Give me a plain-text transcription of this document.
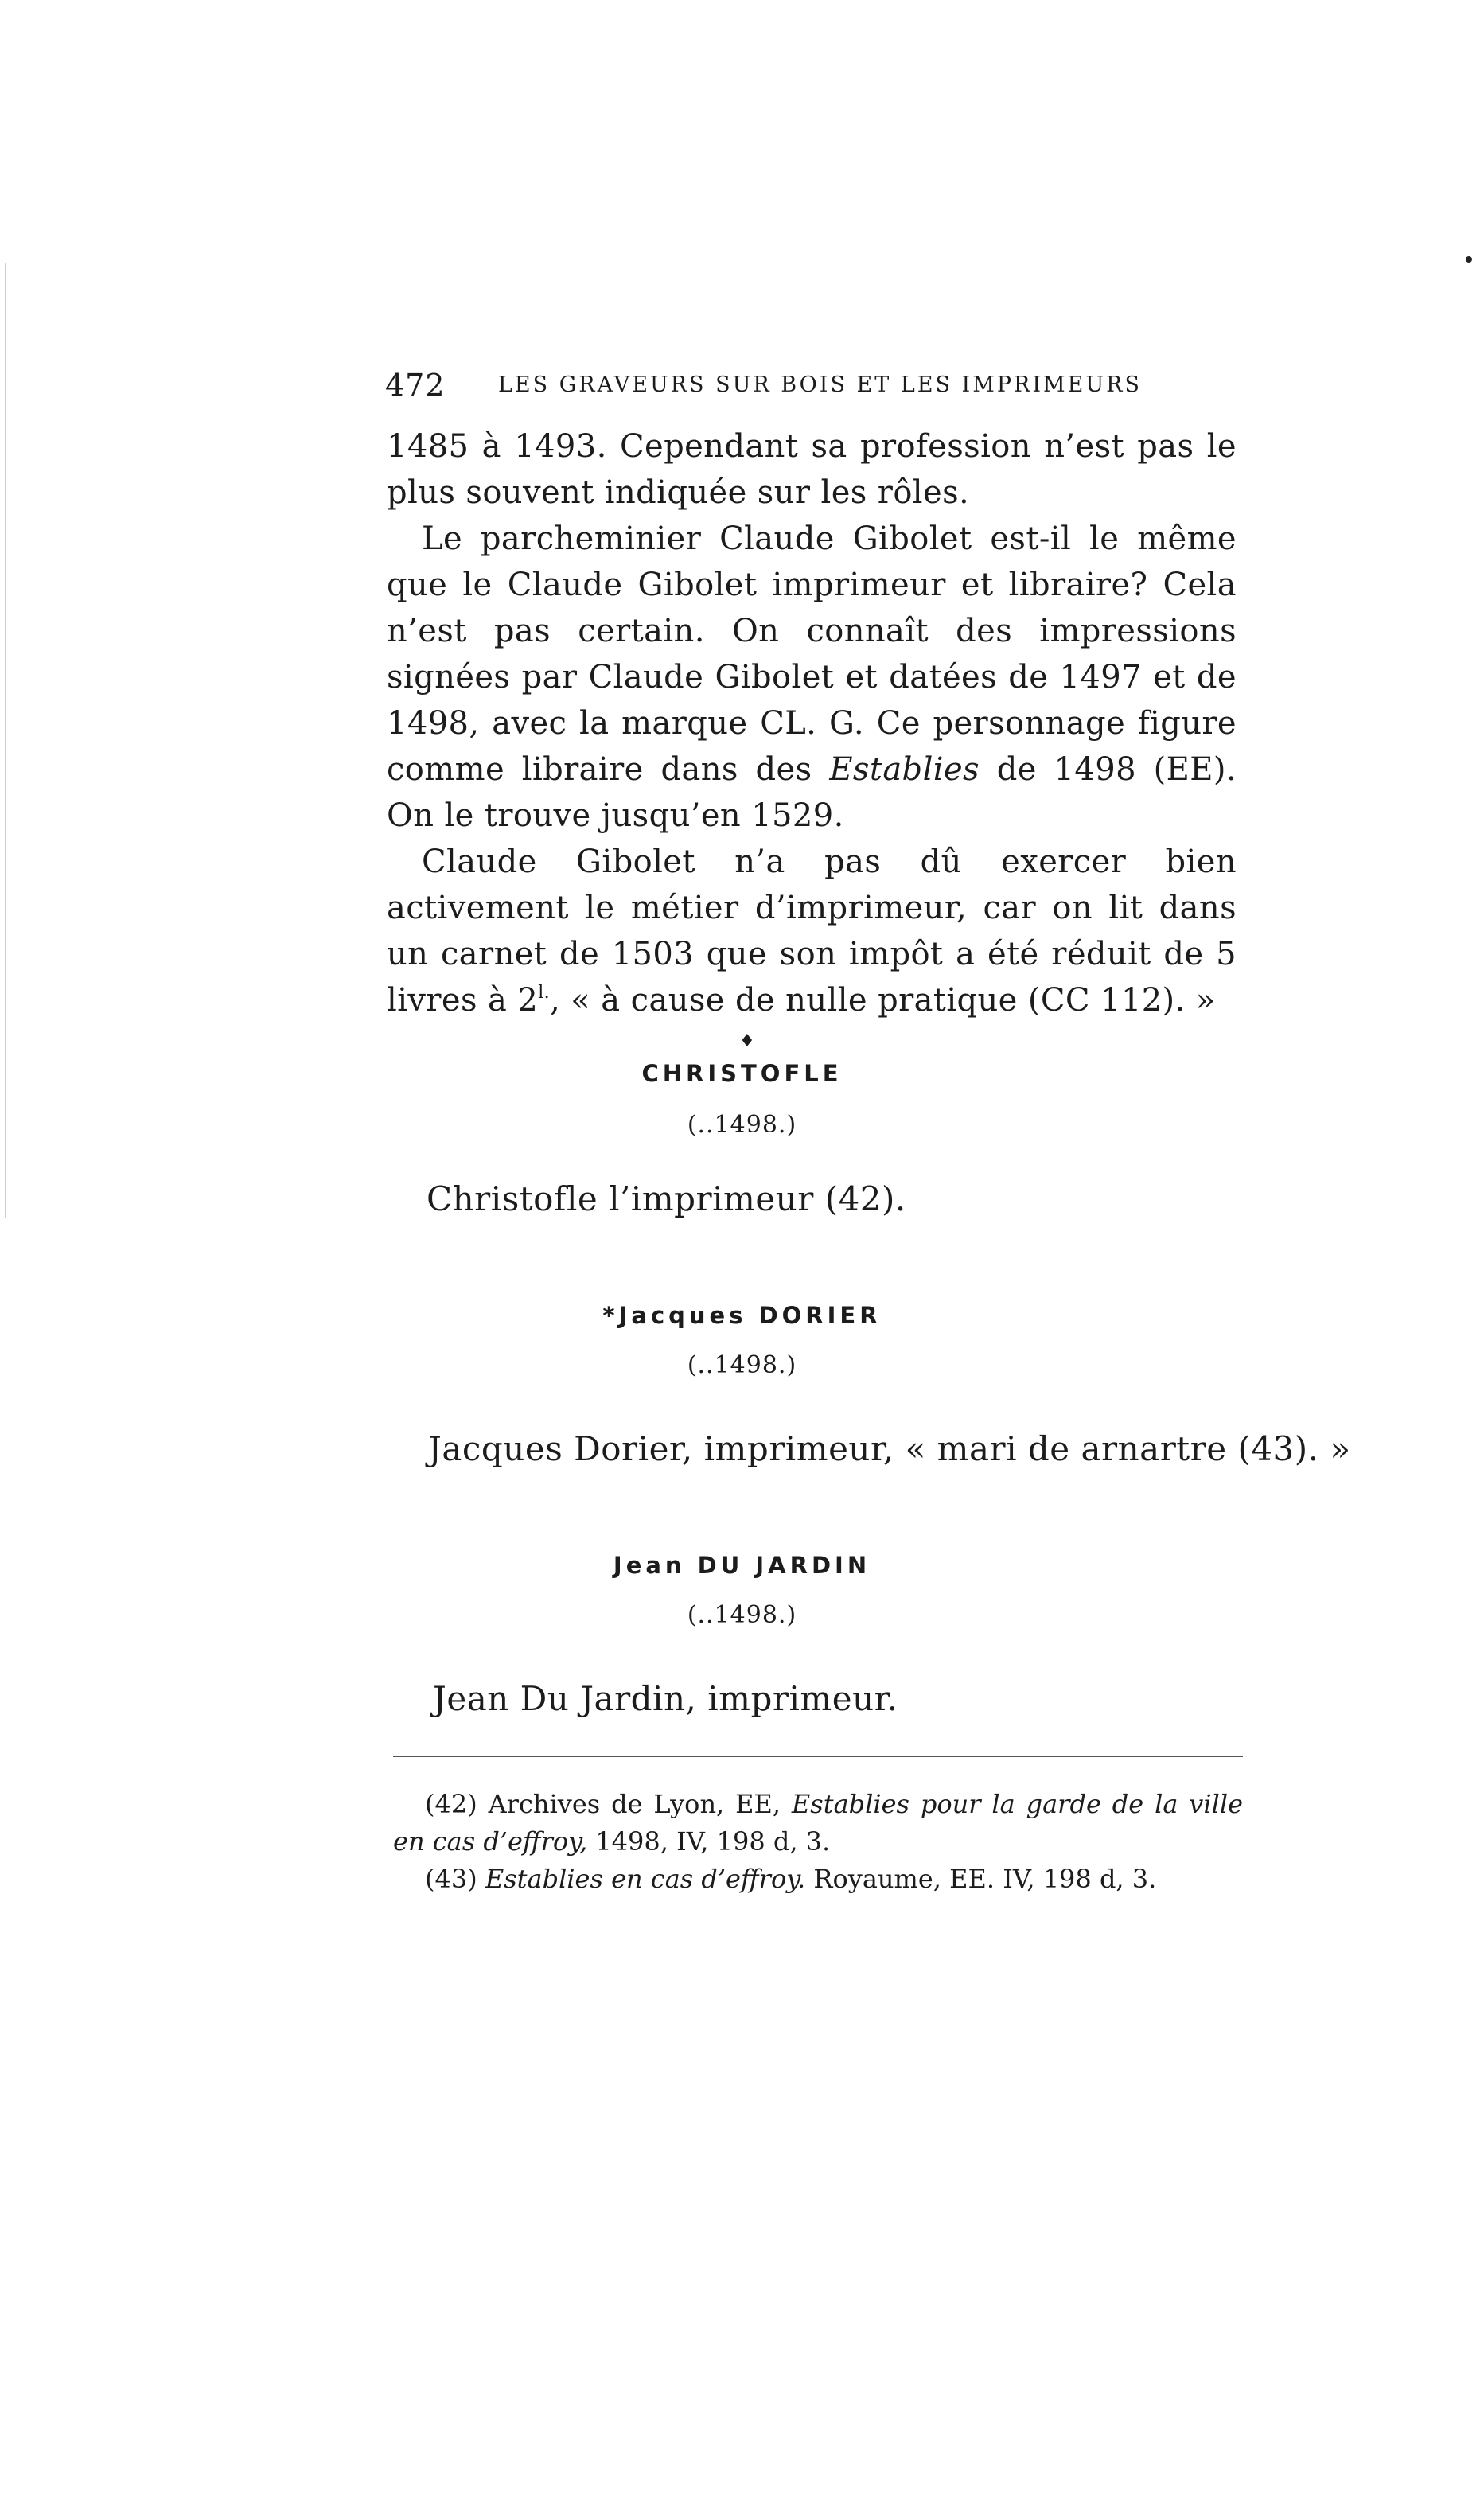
472 LES GRAVEURS SUR BOIS ET LES IMPRIMEURS

1485 à 1493. Cependant sa profession n’est pas le plus souvent indiquée sur les rôles.

Le parcheminier Claude Gibolet est-il le même que le Claude Gibolet imprimeur et libraire? Cela n’est pas certain. On connaît des impressions signées par Claude Gibolet et datées de 1497 et de 1498, avec la marque CL. G. Ce personnage figure comme libraire dans des Establies de 1498 (EE). On le trouve jusqu’en 1529.

Claude Gibolet n’a pas dû exercer bien activement le métier d’imprimeur, car on lit dans un carnet de 1503 que son impôt a été réduit de 5 livres à $2^{l.}$, « à cause de nulle pratique (CC 112). »

♦
CHRISTOFLE
(..1498.)
Christofle l’imprimeur (42).
*Jacques DORIER
(..1498.)
Jacques Dorier, imprimeur, « mari de arnartre (43). »
Jean DU JARDIN
(..1498.)
Jean Du Jardin, imprimeur.

(42) Archives de Lyon, EE, Establies pour la garde de la ville en cas d’effroy, 1498, IV, 198 d, 3.

(43) Establies en cas d’effroy. Royaume, EE. IV, 198 d, 3.
